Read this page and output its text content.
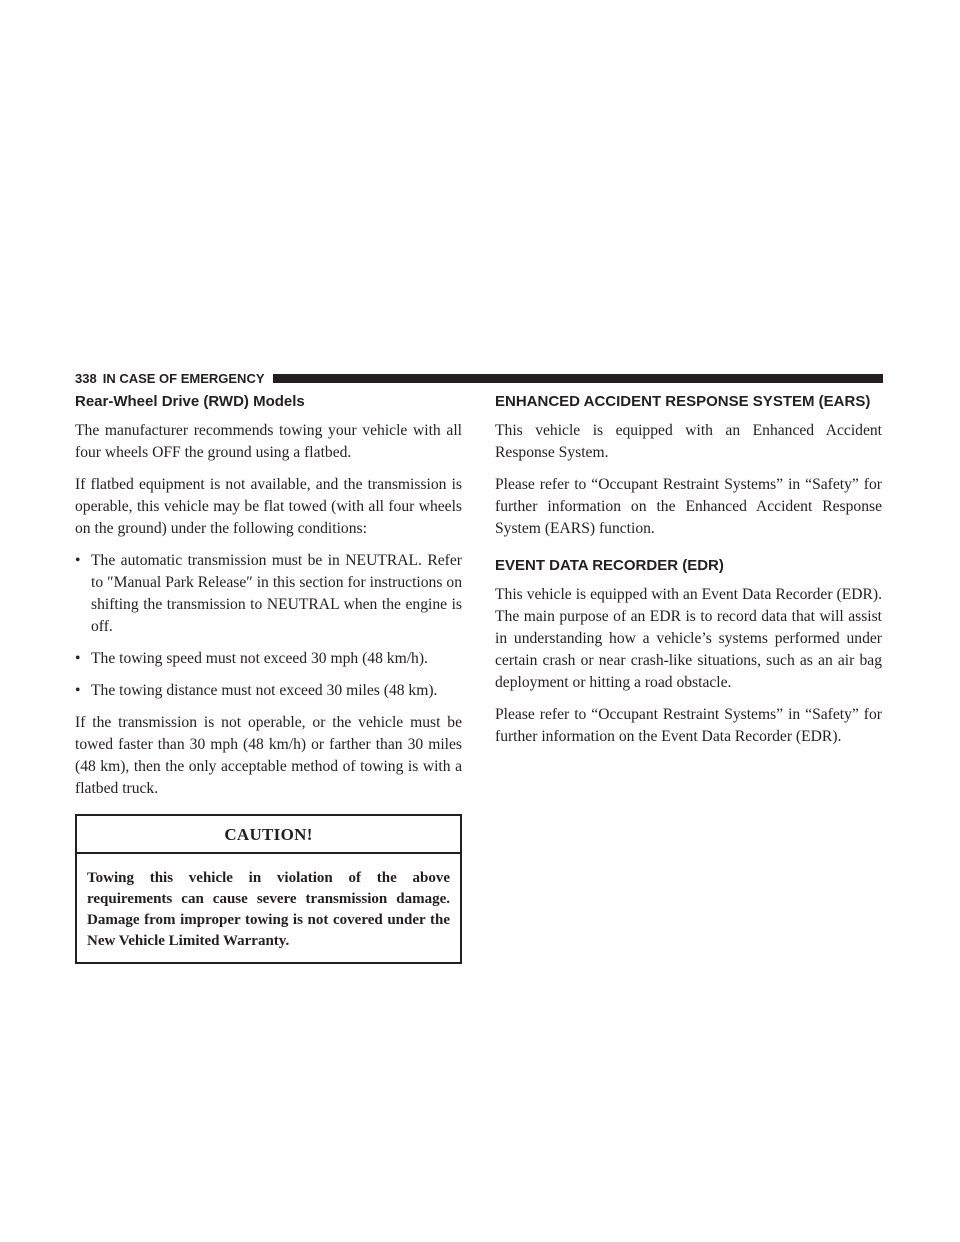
338 IN CASE OF EMERGENCY
Rear-Wheel Drive (RWD) Models

The manufacturer recommends towing your vehicle with all four wheels OFF the ground using a flatbed.

If flatbed equipment is not available, and the transmission is operable, this vehicle may be flat towed (with all four wheels on the ground) under the following conditions:

• The automatic transmission must be in NEUTRAL. Refer to ″Manual Park Release″ in this section for instructions on shifting the transmission to NEUTRAL when the engine is off.
• The towing speed must not exceed 30 mph (48 km/h).
• The towing distance must not exceed 30 miles (48 km).

If the transmission is not operable, or the vehicle must be towed faster than 30 mph (48 km/h) or farther than 30 miles (48 km), then the only acceptable method of towing is with a flatbed truck.

CAUTION!
Towing this vehicle in violation of the above requirements can cause severe transmission damage. Damage from improper towing is not covered under the New Vehicle Limited Warranty.
ENHANCED ACCIDENT RESPONSE SYSTEM (EARS)

This vehicle is equipped with an Enhanced Accident Response System.

Please refer to “Occupant Restraint Systems” in “Safety” for further information on the Enhanced Accident Response System (EARS) function.

EVENT DATA RECORDER (EDR)

This vehicle is equipped with an Event Data Recorder (EDR). The main purpose of an EDR is to record data that will assist in understanding how a vehicle’s systems performed under certain crash or near crash-like situations, such as an air bag deployment or hitting a road obstacle.

Please refer to “Occupant Restraint Systems” in “Safety” for further information on the Event Data Recorder (EDR).
